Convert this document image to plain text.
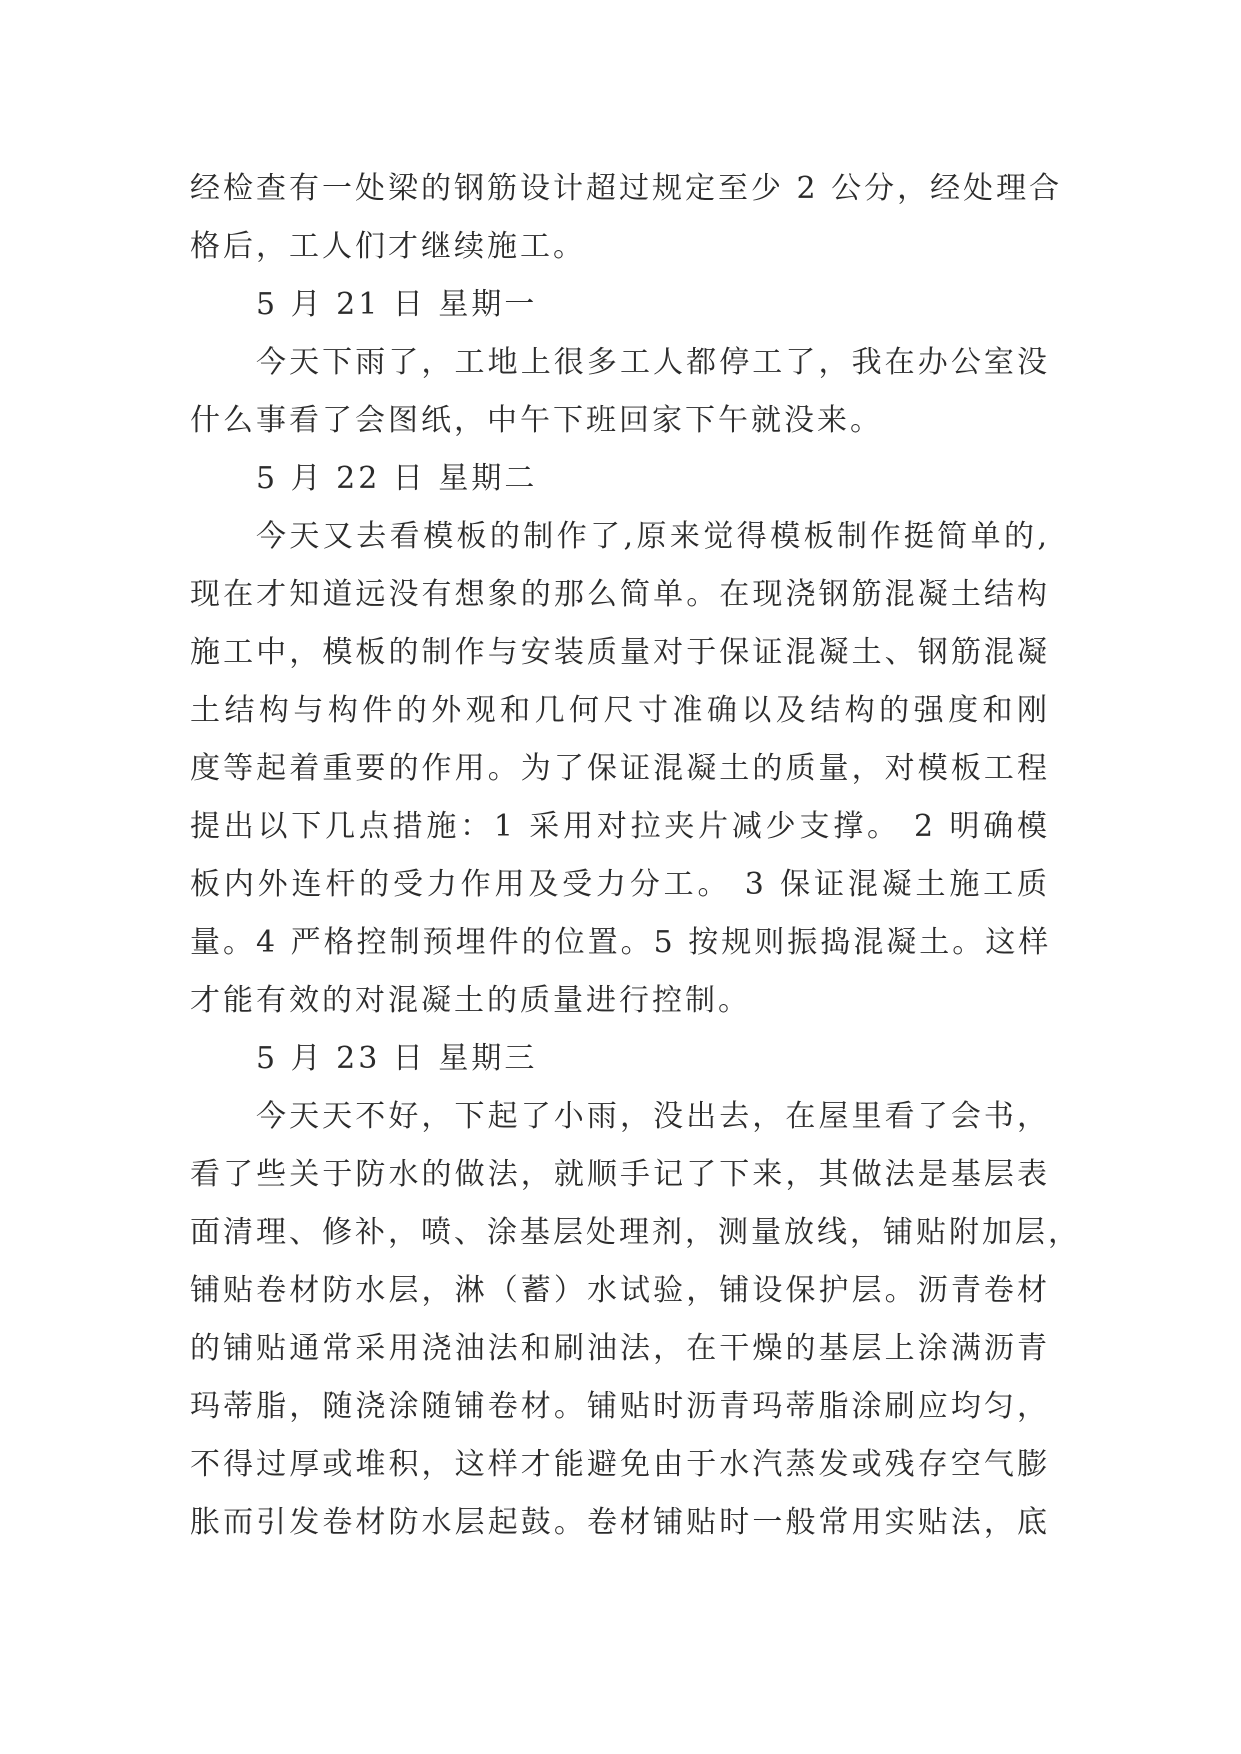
经检查有一处梁的钢筋设计超过规定至少 2 公分，经处理合
格后，工人们才继续施工。
5 月 21 日 星期一
今天下雨了，工地上很多工人都停工了，我在办公室没
什么事看了会图纸，中午下班回家下午就没来。
5 月 22 日 星期二
今天又去看模板的制作了,原来觉得模板制作挺简单的,
现在才知道远没有想象的那么简单。在现浇钢筋混凝土结构
施工中，模板的制作与安装质量对于保证混凝土、钢筋混凝
土结构与构件的外观和几何尺寸准确以及结构的强度和刚
度等起着重要的作用。为了保证混凝土的质量，对模板工程
提出以下几点措施：1 采用对拉夹片减少支撑。 2 明确模
板内外连杆的受力作用及受力分工。 3 保证混凝土施工质
量。4 严格控制预埋件的位置。5 按规则振捣混凝土。这样
才能有效的对混凝土的质量进行控制。
5 月 23 日 星期三
今天天不好，下起了小雨，没出去，在屋里看了会书，
看了些关于防水的做法，就顺手记了下来，其做法是基层表
面清理、修补，喷、涂基层处理剂，测量放线，铺贴附加层，
铺贴卷材防水层，淋（蓄）水试验，铺设保护层。沥青卷材
的铺贴通常采用浇油法和刷油法，在干燥的基层上涂满沥青
玛蒂脂，随浇涂随铺卷材。铺贴时沥青玛蒂脂涂刷应均匀，
不得过厚或堆积，这样才能避免由于水汽蒸发或残存空气膨
胀而引发卷材防水层起鼓。卷材铺贴时一般常用实贴法，底
